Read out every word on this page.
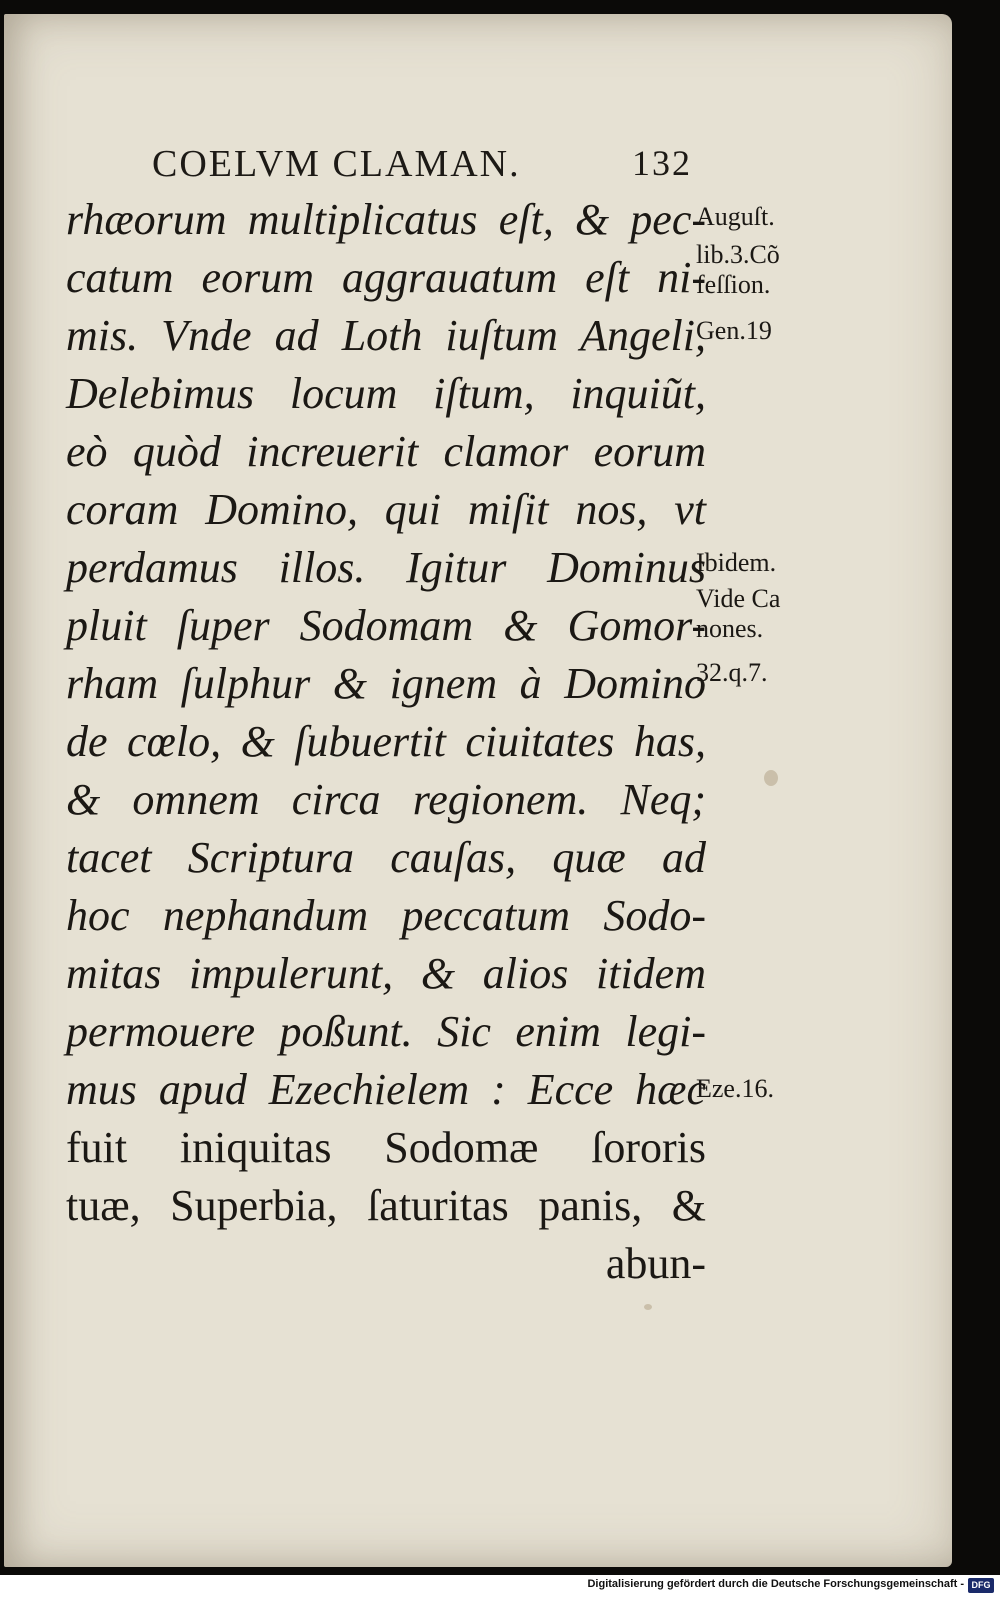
COELVM CLAMAN.	132
rhæorum multiplicatus eſt, & pec-
catum eorum aggrauatum eſt ni-
mis. Vnde ad Loth iuſtum Angeli,
Delebimus locum iſtum, inquiũt,
eò quòd increuerit clamor eorum
coram Domino, qui miſit nos, vt
perdamus illos. Igitur Dominus
pluit ſuper Sodomam & Gomor-
rham ſulphur & ignem à Domino
de cœlo, & ſubuertit ciuitates has,
& omnem circa regionem. Neq;
tacet Scriptura cauſas, quæ ad
hoc nephandum peccatum Sodo-
mitas impulerunt, & alios itidem
permouere poßunt. Sic enim legi-
mus apud Ezechielem : Ecce hæc
fuit iniquitas Sodomæ ſororis
tuæ, Superbia, ſaturitas panis, &
abun-
Auguſt.
lib.3.Cõ
feſſion.
Gen.19
Ibidem.
Vide Ca
nones.
32.q.7.
Eze.16.
Digitalisierung gefördert durch die Deutsche Forschungsgemeinschaft - DFG
